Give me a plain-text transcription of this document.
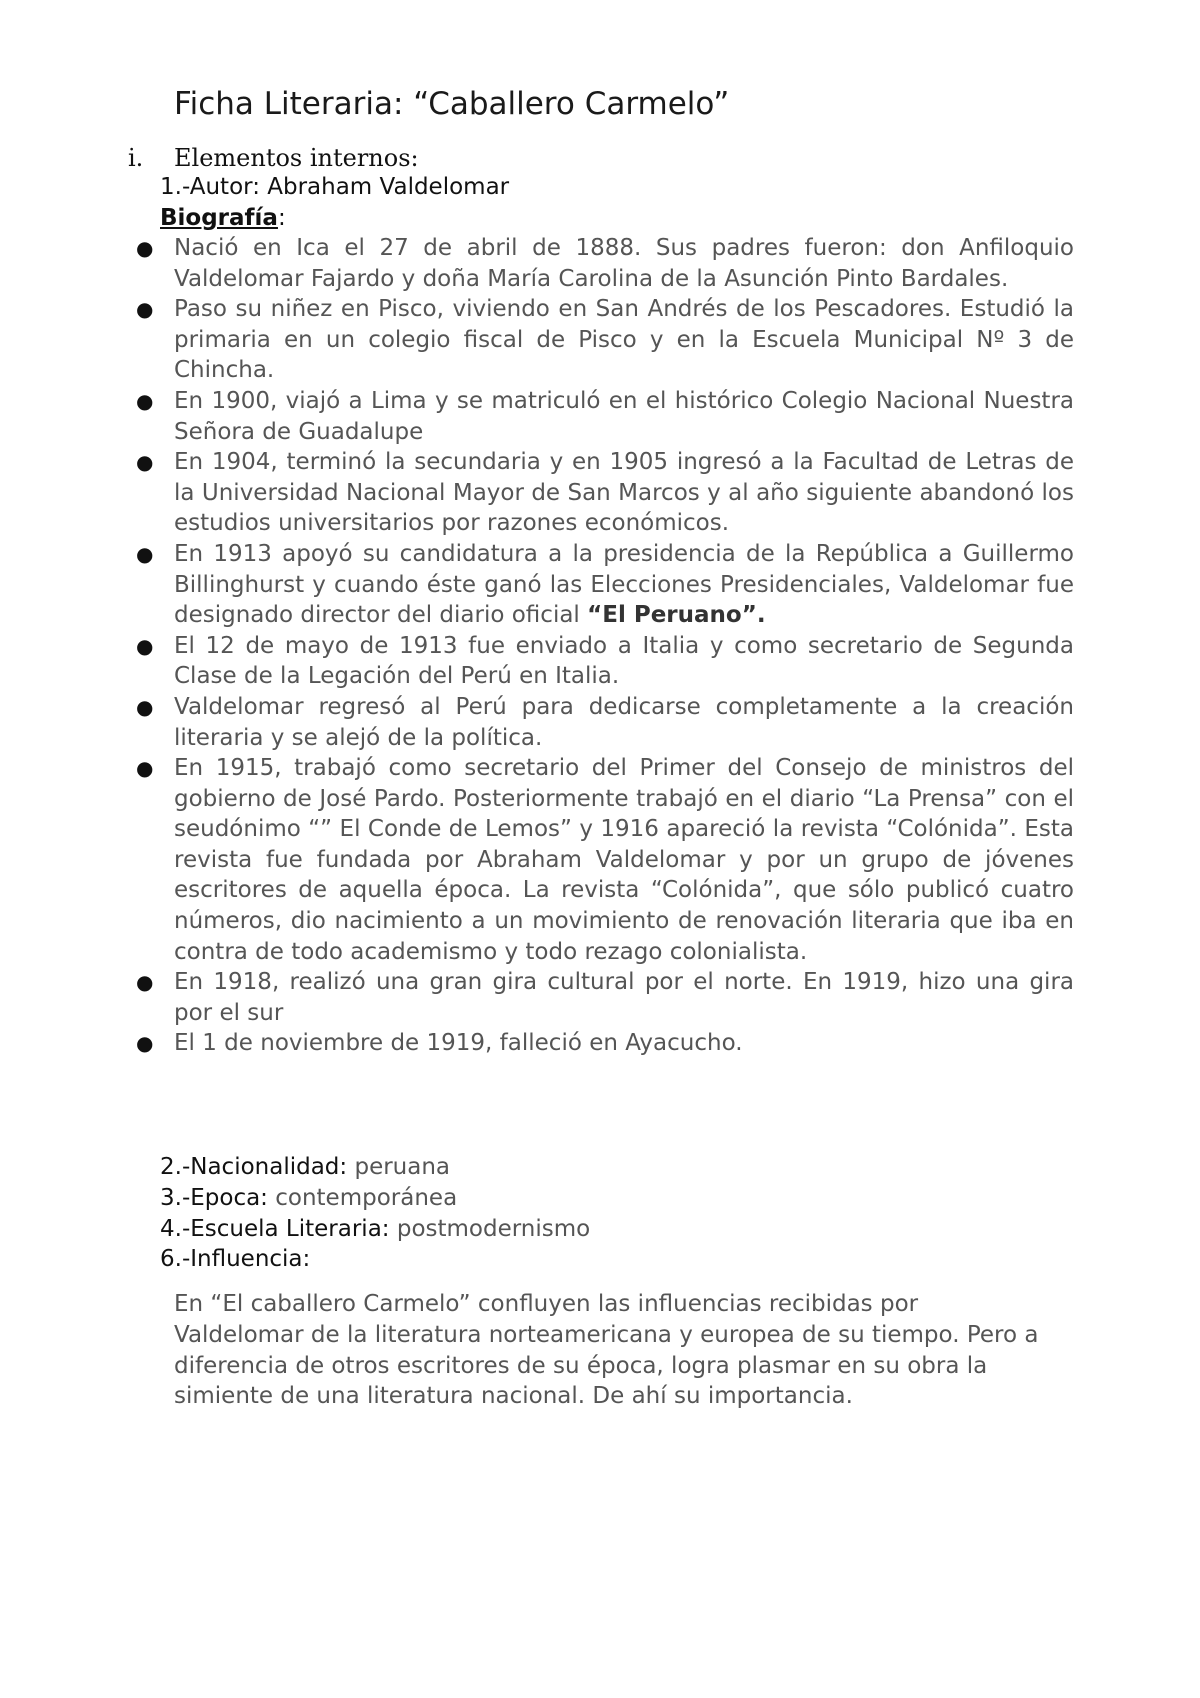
Ficha Literaria: “Caballero Carmelo”
i. Elementos internos:
1.-Autor: Abraham Valdelomar
Biografía:
● Nació en Ica el 27 de abril de 1888. Sus padres fueron: don Anfiloquio Valdelomar Fajardo y doña María Carolina de la Asunción Pinto Bardales.
● Paso su niñez en Pisco, viviendo en San Andrés de los Pescadores. Estudió la primaria en un colegio fiscal de Pisco y en la Escuela Municipal Nº 3 de Chincha.
● En 1900, viajó a Lima y se matriculó en el histórico Colegio Nacional Nuestra Señora de Guadalupe
● En 1904, terminó la secundaria y en 1905 ingresó a la Facultad de Letras de la Universidad Nacional Mayor de San Marcos y al año siguiente abandonó los estudios universitarios por razones económicos.
● En 1913 apoyó su candidatura a la presidencia de la República a Guillermo Billinghurst y cuando éste ganó las Elecciones Presidenciales, Valdelomar fue designado director del diario oficial “El Peruano”.
● El 12 de mayo de 1913 fue enviado a Italia y como secretario de Segunda Clase de la Legación del Perú en Italia.
● Valdelomar regresó al Perú para dedicarse completamente a la creación literaria y se alejó de la política.
● En 1915, trabajó como secretario del Primer del Consejo de ministros del gobierno de José Pardo. Posteriormente trabajó en el diario “La Prensa” con el seudónimo “” El Conde de Lemos” y 1916 apareció la revista “Colónida”. Esta revista fue fundada por Abraham Valdelomar y por un grupo de jóvenes escritores de aquella época. La revista “Colónida”, que sólo publicó cuatro números, dio nacimiento a un movimiento de renovación literaria que iba en contra de todo academismo y todo rezago colonialista.
● En 1918, realizó una gran gira cultural por el norte. En 1919, hizo una gira por el sur
● El 1 de noviembre de 1919, falleció en Ayacucho.
2.-Nacionalidad: peruana
3.-Epoca: contemporánea
4.-Escuela Literaria: postmodernismo
6.-Influencia:
En “El caballero Carmelo” confluyen las influencias recibidas por Valdelomar de la literatura norteamericana y europea de su tiempo. Pero a diferencia de otros escritores de su época, logra plasmar en su obra la simiente de una literatura nacional. De ahí su importancia.
